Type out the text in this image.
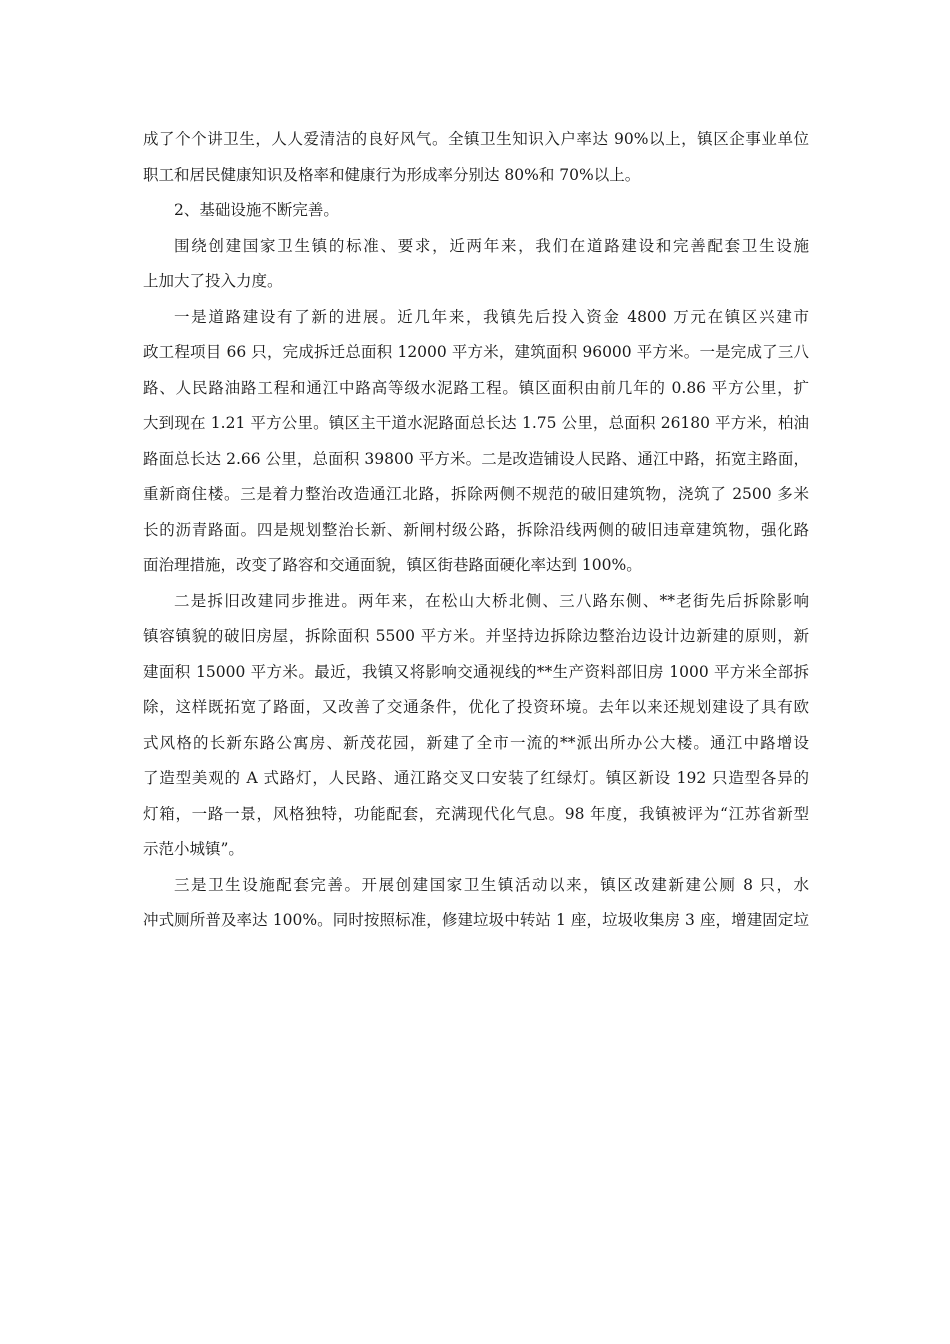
成了个个讲卫生，人人爱清洁的良好风气。全镇卫生知识入户率达 90%以上，镇区企事业单位
职工和居民健康知识及格率和健康行为形成率分别达 80%和 70%以上。
2、基础设施不断完善。
围绕创建国家卫生镇的标准、要求，近两年来，我们在道路建设和完善配套卫生设施
上加大了投入力度。
一是道路建设有了新的进展。近几年来，我镇先后投入资金 4800 万元在镇区兴建市
政工程项目 66 只，完成拆迁总面积 12000 平方米，建筑面积 96000 平方米。一是完成了三八
路、人民路油路工程和通江中路高等级水泥路工程。镇区面积由前几年的 0.86 平方公里，扩
大到现在 1.21 平方公里。镇区主干道水泥路面总长达 1.75 公里，总面积 26180 平方米，柏油
路面总长达 2.66 公里，总面积 39800 平方米。二是改造铺设人民路、通江中路，拓宽主路面，
重新商住楼。三是着力整治改造通江北路，拆除两侧不规范的破旧建筑物，浇筑了 2500 多米
长的沥青路面。四是规划整治长新、新闸村级公路，拆除沿线两侧的破旧违章建筑物，强化路
面治理措施，改变了路容和交通面貌，镇区街巷路面硬化率达到 100%。
二是拆旧改建同步推进。两年来，在松山大桥北侧、三八路东侧、**老街先后拆除影响
镇容镇貌的破旧房屋，拆除面积 5500 平方米。并坚持边拆除边整治边设计边新建的原则，新
建面积 15000 平方米。最近，我镇又将影响交通视线的**生产资料部旧房 1000 平方米全部拆
除，这样既拓宽了路面，又改善了交通条件，优化了投资环境。去年以来还规划建设了具有欧
式风格的长新东路公寓房、新茂花园，新建了全市一流的**派出所办公大楼。通江中路增设
了造型美观的 A 式路灯，人民路、通江路交叉口安装了红绿灯。镇区新设 192 只造型各异的
灯箱，一路一景，风格独特，功能配套，充满现代化气息。98 年度，我镇被评为“江苏省新型
示范小城镇”。
三是卫生设施配套完善。开展创建国家卫生镇活动以来，镇区改建新建公厕 8 只，水
冲式厕所普及率达 100%。同时按照标准，修建垃圾中转站 1 座，垃圾收集房 3 座，增建固定垃
